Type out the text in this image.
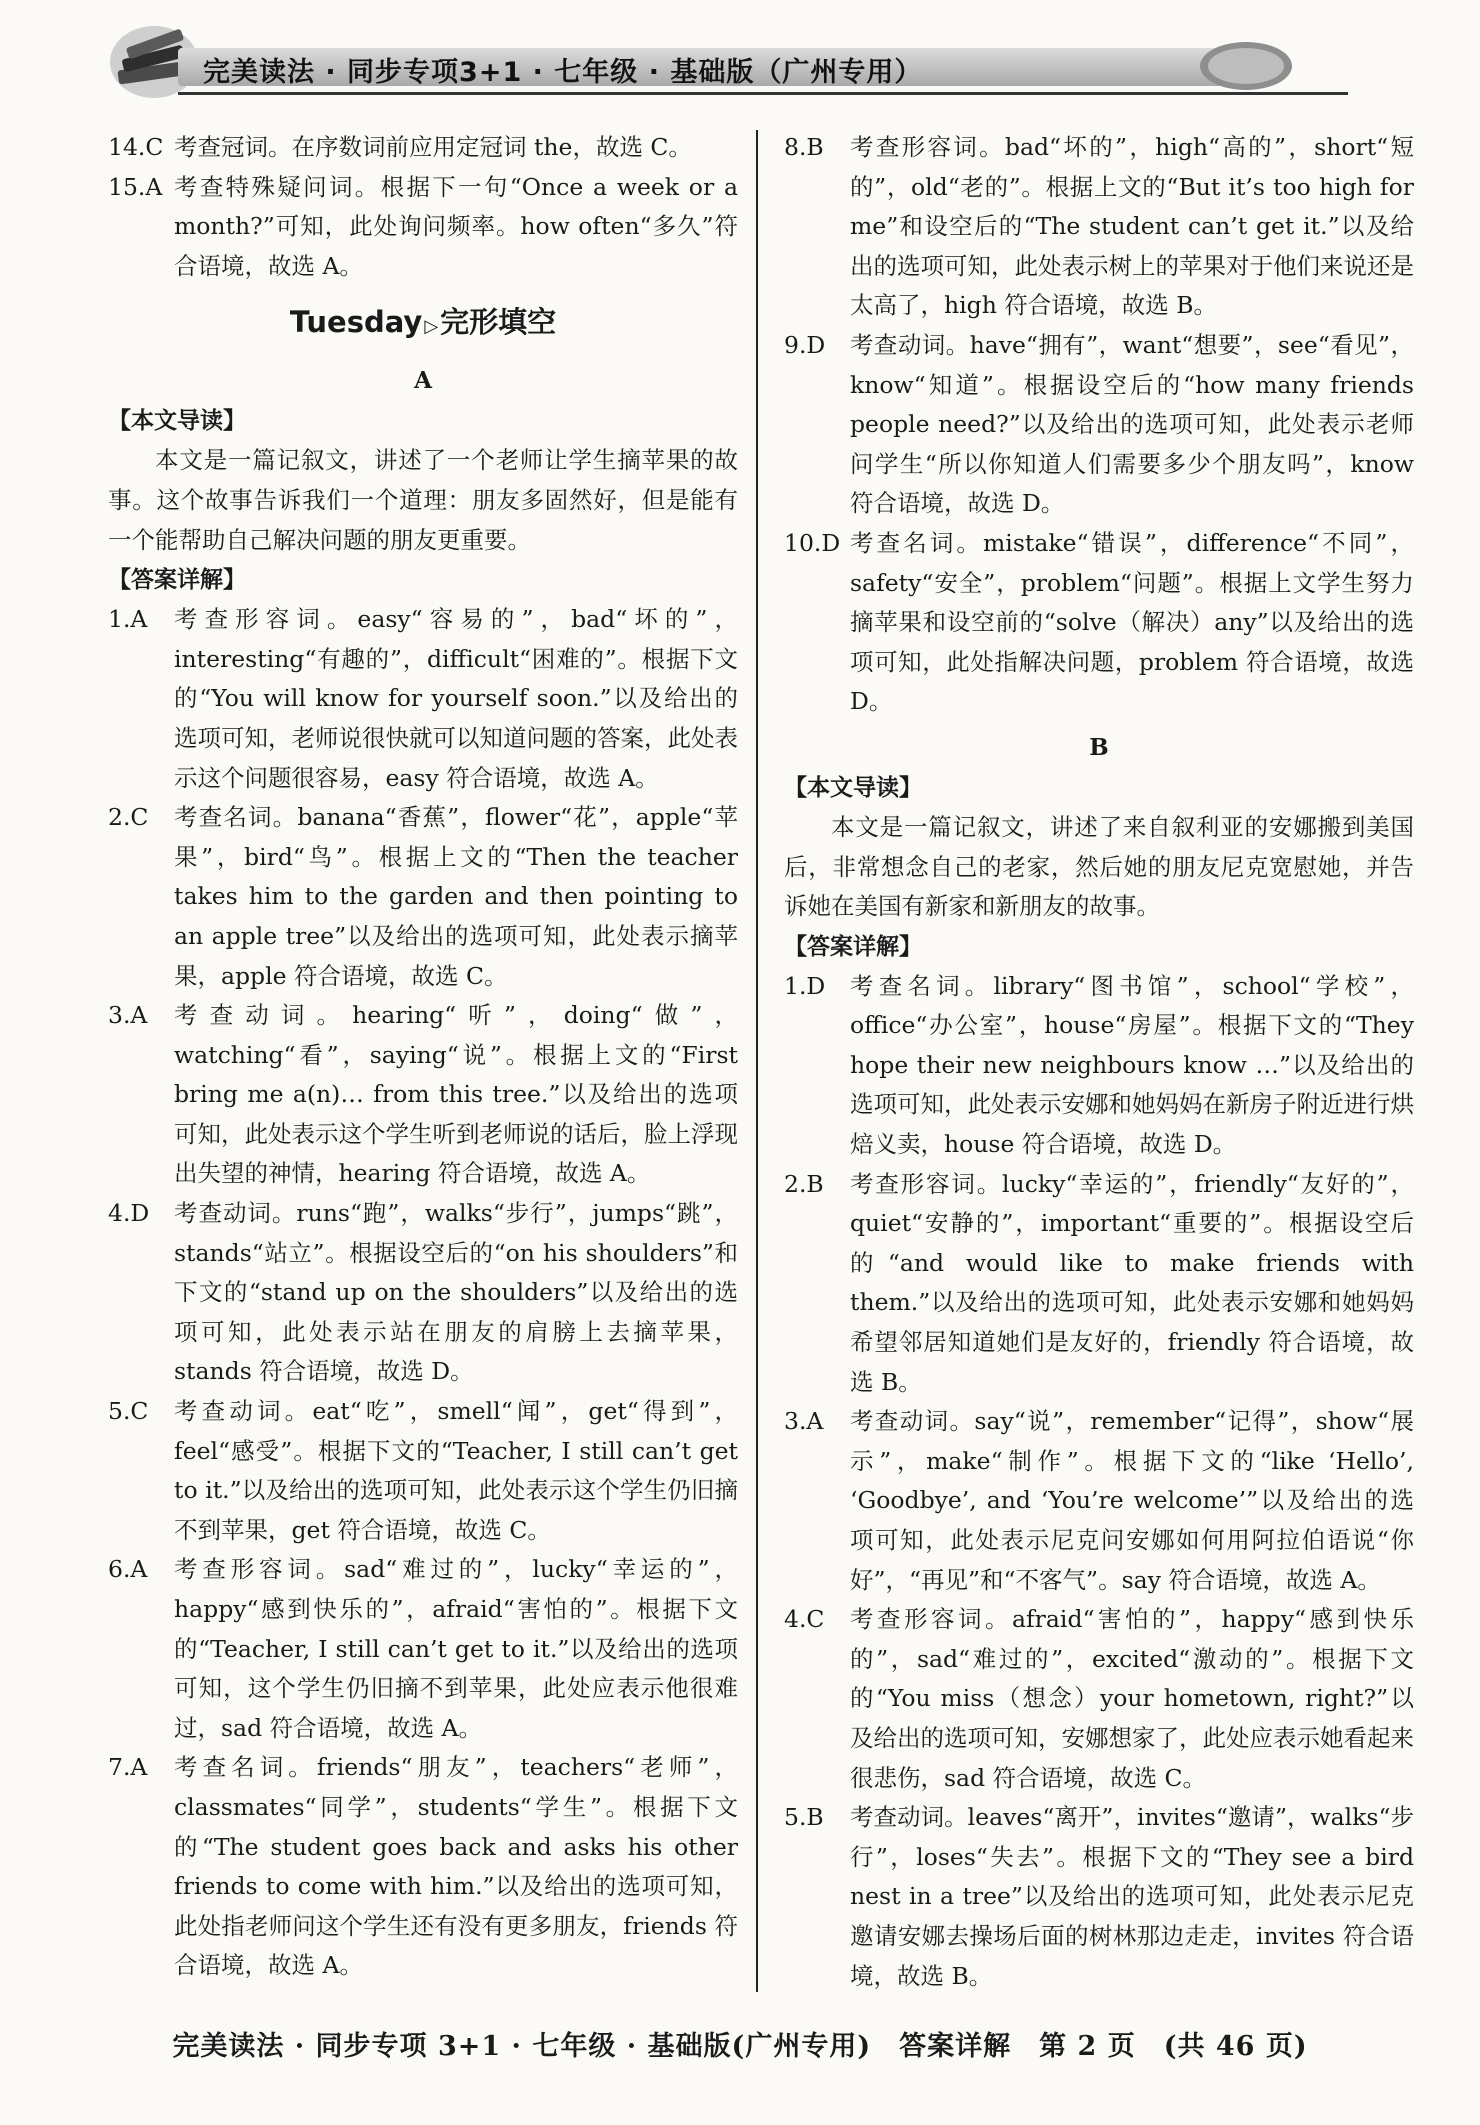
完美读法 · 同步专项3+1 · 七年级 · 基础版（广州专用）
14.C 考查冠词。在序数词前应用定冠词 the，故选 C。
15.A 考查特殊疑问词。根据下一句“Once a week or a month?”可知，此处询问频率。how often“多久”符合语境，故选 A。
Tuesday ▷完形填空
A
【本文导读】
本文是一篇记叙文，讲述了一个老师让学生摘苹果的故事。这个故事告诉我们一个道理：朋友多固然好，但是能有一个能帮助自己解决问题的朋友更重要。
【答案详解】
1.A	考查形容词。easy“容易的”，bad“坏的”，interesting“有趣的”，difficult“困难的”。根据下文的“You will know for yourself soon.”以及给出的选项可知，老师说很快就可以知道问题的答案，此处表示这个问题很容易，easy 符合语境，故选 A。
2.C	考查名词。banana“香蕉”，flower“花”，apple“苹果”，bird“鸟”。根据上文的“Then the teacher takes him to the garden and then pointing to an apple tree”以及给出的选项可知，此处表示摘苹果，apple 符合语境，故选 C。
3.A	考查动词。hearing“听”，doing“做”，watching“看”，saying“说”。根据上文的“First bring me a(n)… from this tree.”以及给出的选项可知，此处表示这个学生听到老师说的话后，脸上浮现出失望的神情，hearing 符合语境，故选 A。
4.D	考查动词。runs“跑”，walks“步行”，jumps“跳”，stands“站立”。根据设空后的“on his shoulders”和下文的“stand up on the shoulders”以及给出的选项可知，此处表示站在朋友的肩膀上去摘苹果，stands 符合语境，故选 D。
5.C	考查动词。eat“吃”，smell“闻”，get“得到”，feel“感受”。根据下文的“Teacher, I still can’t get to it.”以及给出的选项可知，此处表示这个学生仍旧摘不到苹果，get 符合语境，故选 C。
6.A	考查形容词。sad“难过的”，lucky“幸运的”，happy“感到快乐的”，afraid“害怕的”。根据下文的“Teacher, I still can’t get to it.”以及给出的选项可知，这个学生仍旧摘不到苹果，此处应表示他很难过，sad 符合语境，故选 A。
7.A	考查名词。friends“朋友”，teachers“老师”，classmates“同学”，students“学生”。根据下文的“The student goes back and asks his other friends to come with him.”以及给出的选项可知，此处指老师问这个学生还有没有更多朋友，friends 符合语境，故选 A。
8.B	考查形容词。bad“坏的”，high“高的”，short“短的”，old“老的”。根据上文的“But it’s too high for me”和设空后的“The student can’t get it.”以及给出的选项可知，此处表示树上的苹果对于他们来说还是太高了，high 符合语境，故选 B。
9.D	考查动词。have“拥有”，want“想要”，see“看见”，know“知道”。根据设空后的“how many friends people need?”以及给出的选项可知，此处表示老师问学生“所以你知道人们需要多少个朋友吗”，know 符合语境，故选 D。
10.D 考查名词。mistake“错误”，difference“不同”，safety“安全”，problem“问题”。根据上文学生努力摘苹果和设空前的“solve（解决）any”以及给出的选项可知，此处指解决问题，problem 符合语境，故选 D。
B
【本文导读】
本文是一篇记叙文，讲述了来自叙利亚的安娜搬到美国后，非常想念自己的老家，然后她的朋友尼克宽慰她，并告诉她在美国有新家和新朋友的故事。
【答案详解】
1.D	考查名词。library“图书馆”，school“学校”，office“办公室”，house“房屋”。根据下文的“They hope their new neighbours know …”以及给出的选项可知，此处表示安娜和她妈妈在新房子附近进行烘焙义卖，house 符合语境，故选 D。
2.B	考查形容词。lucky“幸运的”，friendly“友好的”，quiet“安静的”，important“重要的”。根据设空后的“and would like to make friends with them.”以及给出的选项可知，此处表示安娜和她妈妈希望邻居知道她们是友好的，friendly 符合语境，故选 B。
3.A	考查动词。say“说”，remember“记得”，show“展示”，make“制作”。根据下文的“like ‘Hello’, ‘Goodbye’, and ‘You’re welcome’”以及给出的选项可知，此处表示尼克问安娜如何用阿拉伯语说“你好”，“再见”和“不客气”。say 符合语境，故选 A。
4.C	考查形容词。afraid“害怕的”，happy“感到快乐的”，sad“难过的”，excited“激动的”。根据下文的“You miss（想念）your hometown, right?”以及给出的选项可知，安娜想家了，此处应表示她看起来很悲伤，sad 符合语境，故选 C。
5.B	考查动词。leaves“离开”，invites“邀请”，walks“步行”，loses“失去”。根据下文的“They see a bird nest in a tree”以及给出的选项可知，此处表示尼克邀请安娜去操场后面的树林那边走走，invites 符合语境，故选 B。
完美读法 · 同步专项 3+1 · 七年级 · 基础版(广州专用)　答案详解　第 2 页　(共 46 页)
